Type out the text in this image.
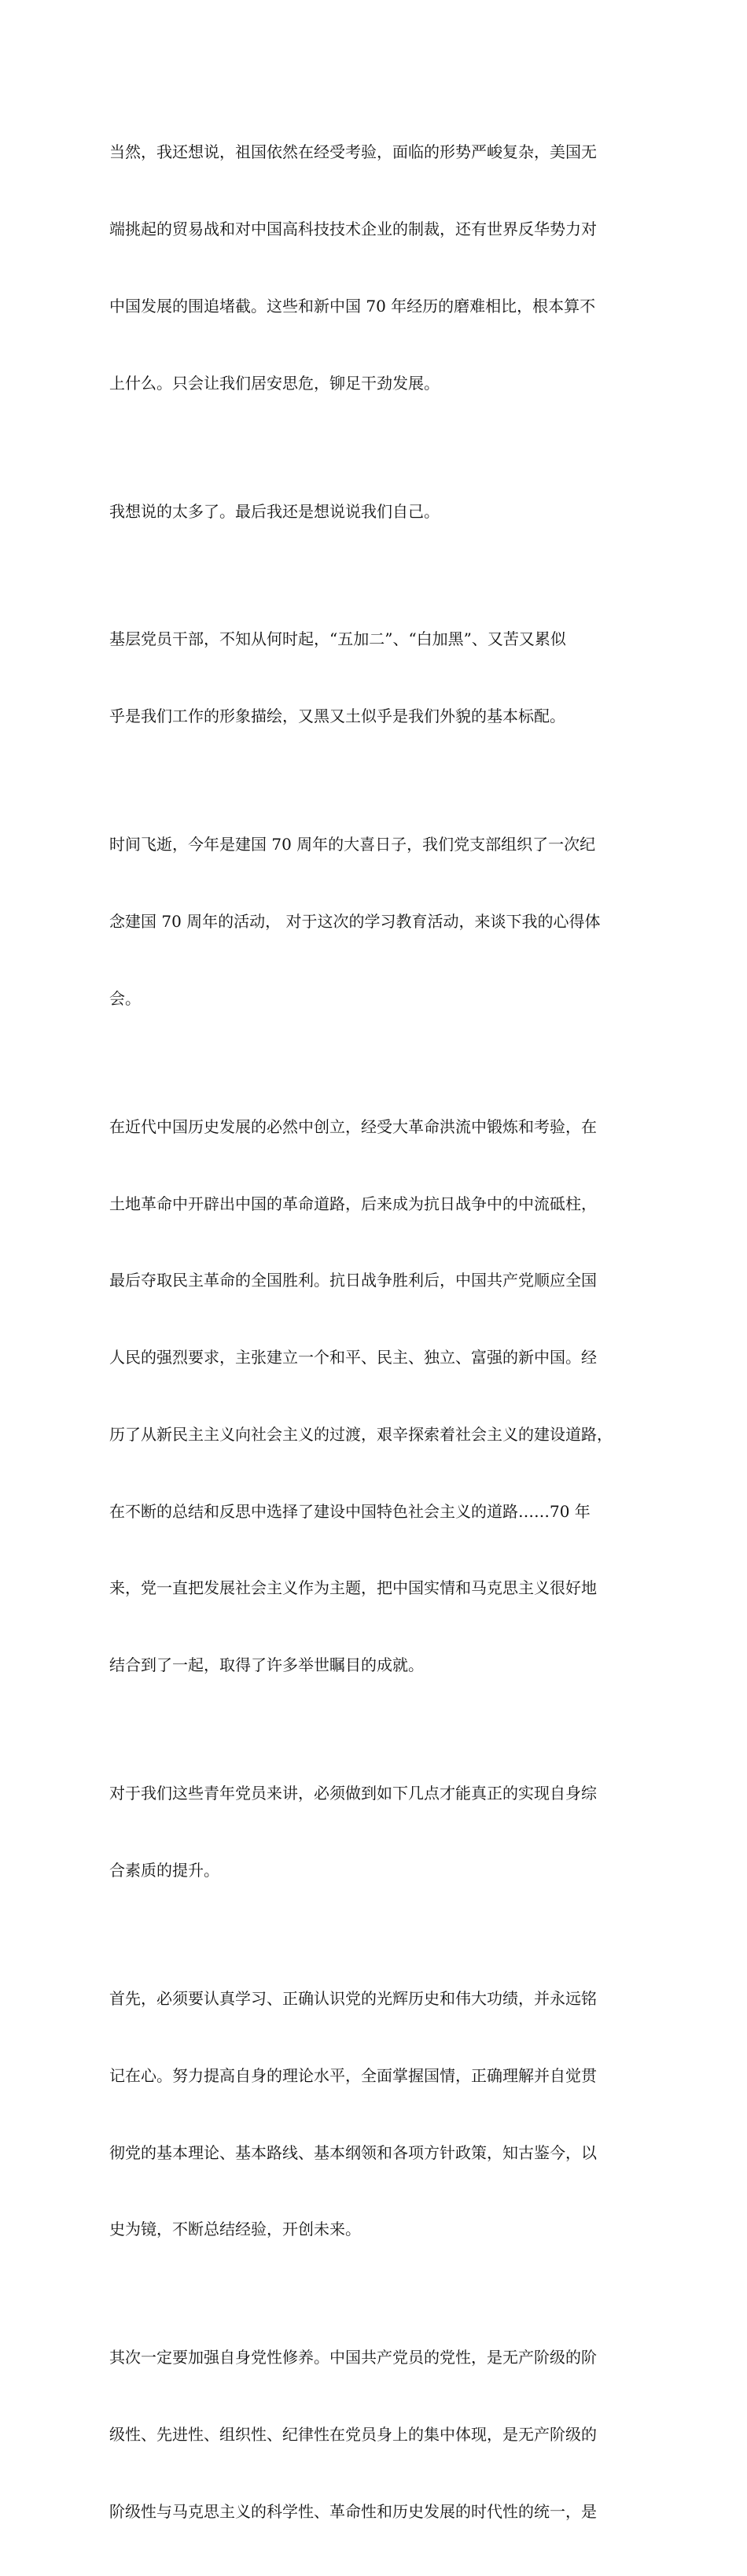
当然，我还想说，祖国依然在经受考验，面临的形势严峻复杂，美国无

端挑起的贸易战和对中国高科技技术企业的制裁，还有世界反华势力对

中国发展的围追堵截。这些和新中国 70 年经历的磨难相比，根本算不

上什么。只会让我们居安思危，铆足干劲发展。

我想说的太多了。最后我还是想说说我们自己。

基层党员干部，不知从何时起，“五加二”、“白加黑”、又苦又累似

乎是我们工作的形象描绘，又黑又土似乎是我们外貌的基本标配。

时间飞逝，今年是建国 70 周年的大喜日子，我们党支部组织了一次纪

念建国 70 周年的活动， 对于这次的学习教育活动，来谈下我的心得体

会。

在近代中国历史发展的必然中创立，经受大革命洪流中锻炼和考验，在

土地革命中开辟出中国的革命道路，后来成为抗日战争中的中流砥柱，

最后夺取民主革命的全国胜利。抗日战争胜利后，中国共产党顺应全国

人民的强烈要求，主张建立一个和平、民主、独立、富强的新中国。经

历了从新民主主义向社会主义的过渡，艰辛探索着社会主义的建设道路，

在不断的总结和反思中选择了建设中国特色社会主义的道路……70 年

来，党一直把发展社会主义作为主题，把中国实情和马克思主义很好地

结合到了一起，取得了许多举世瞩目的成就。

对于我们这些青年党员来讲，必须做到如下几点才能真正的实现自身综

合素质的提升。

首先，必须要认真学习、正确认识党的光辉历史和伟大功绩，并永远铭

记在心。努力提高自身的理论水平，全面掌握国情，正确理解并自觉贯

彻党的基本理论、基本路线、基本纲领和各项方针政策，知古鉴今，以

史为镜，不断总结经验，开创未来。

其次一定要加强自身党性修养。中国共产党员的党性，是无产阶级的阶

级性、先进性、组织性、纪律性在党员身上的集中体现，是无产阶级的

阶级性与马克思主义的科学性、革命性和历史发展的时代性的统一，是
